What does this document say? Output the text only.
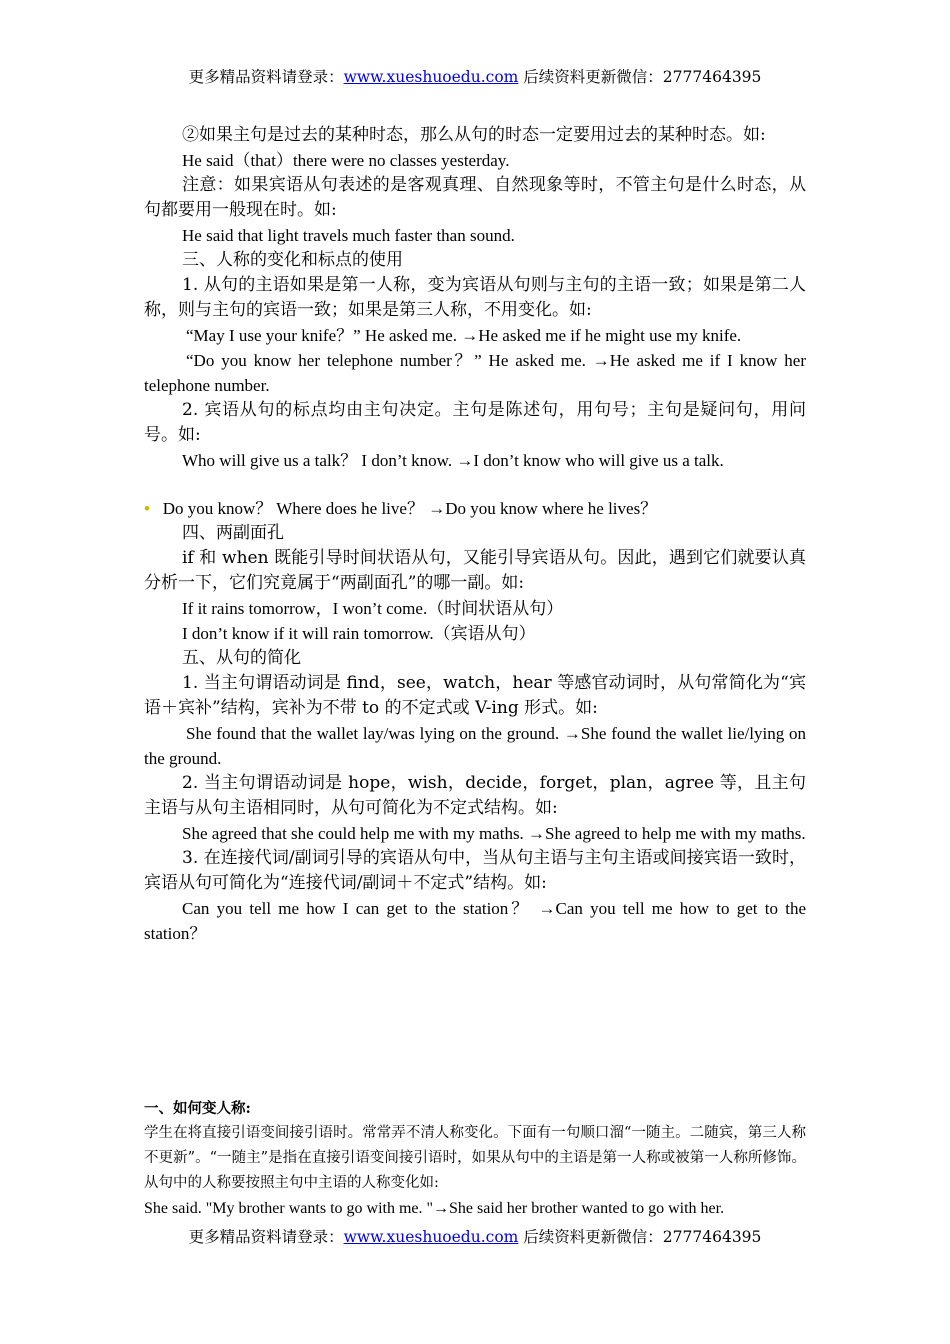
更多精品资料请登录：www.xueshuoedu.com 后续资料更新微信：2777464395

②如果主句是过去的某种时态，那么从句的时态一定要用过去的某种时态。如:

He said（that）there were no classes yesterday.

注意：如果宾语从句表述的是客观真理、自然现象等时，不管主句是什么时态，从句都要用一般现在时。如:

He said that light travels much faster than sound.

三、人称的变化和标点的使用

1. 从句的主语如果是第一人称，变为宾语从句则与主句的主语一致；如果是第二人称，则与主句的宾语一致；如果是第三人称，不用变化。如:

“May I use your knife？” He asked me. →He asked me if he might use my knife.

“Do you know her telephone number？” He asked me. →He asked me if I know her telephone number.

2. 宾语从句的标点均由主句决定。主句是陈述句，用句号；主句是疑问句，用问号。如:

Who will give us a talk？ I don’t know. →I don’t know who will give us a talk.

• Do you know？ Where does he live？ →Do you know where he lives？

四、两副面孔

if 和 when 既能引导时间状语从句，又能引导宾语从句。因此，遇到它们就要认真分析一下，它们究竟属于“两副面孔”的哪一副。如:

If it rains tomorrow，I won’t come.（时间状语从句）

I don’t know if it will rain tomorrow.（宾语从句）

五、从句的简化

1. 当主句谓语动词是 find，see，watch，hear 等感官动词时，从句常简化为“宾语＋宾补”结构，宾补为不带 to 的不定式或 V-ing 形式。如:

She found that the wallet lay/was lying on the ground. →She found the wallet lie/lying on the ground.

2. 当主句谓语动词是 hope，wish，decide，forget，plan，agree 等，且主句主语与从句主语相同时，从句可简化为不定式结构。如:

She agreed that she could help me with my maths. →She agreed to help me with my maths.

3. 在连接代词/副词引导的宾语从句中，当从句主语与主句主语或间接宾语一致时，宾语从句可简化为“连接代词/副词＋不定式”结构。如:

Can you tell me how I can get to the station？ →Can you tell me how to get to the station？

一、如何变人称:

学生在将直接引语变间接引语时。常常弄不清人称变化。下面有一句顺口溜“一随主。二随宾，第三人称不更新”。“一随主”是指在直接引语变间接引语时，如果从句中的主语是第一人称或被第一人称所修饰。从句中的人称要按照主句中主语的人称变化如:

She said. "My brother wants to go with me. "→She said her brother wanted to go with her.

更多精品资料请登录：www.xueshuoedu.com 后续资料更新微信：2777464395
